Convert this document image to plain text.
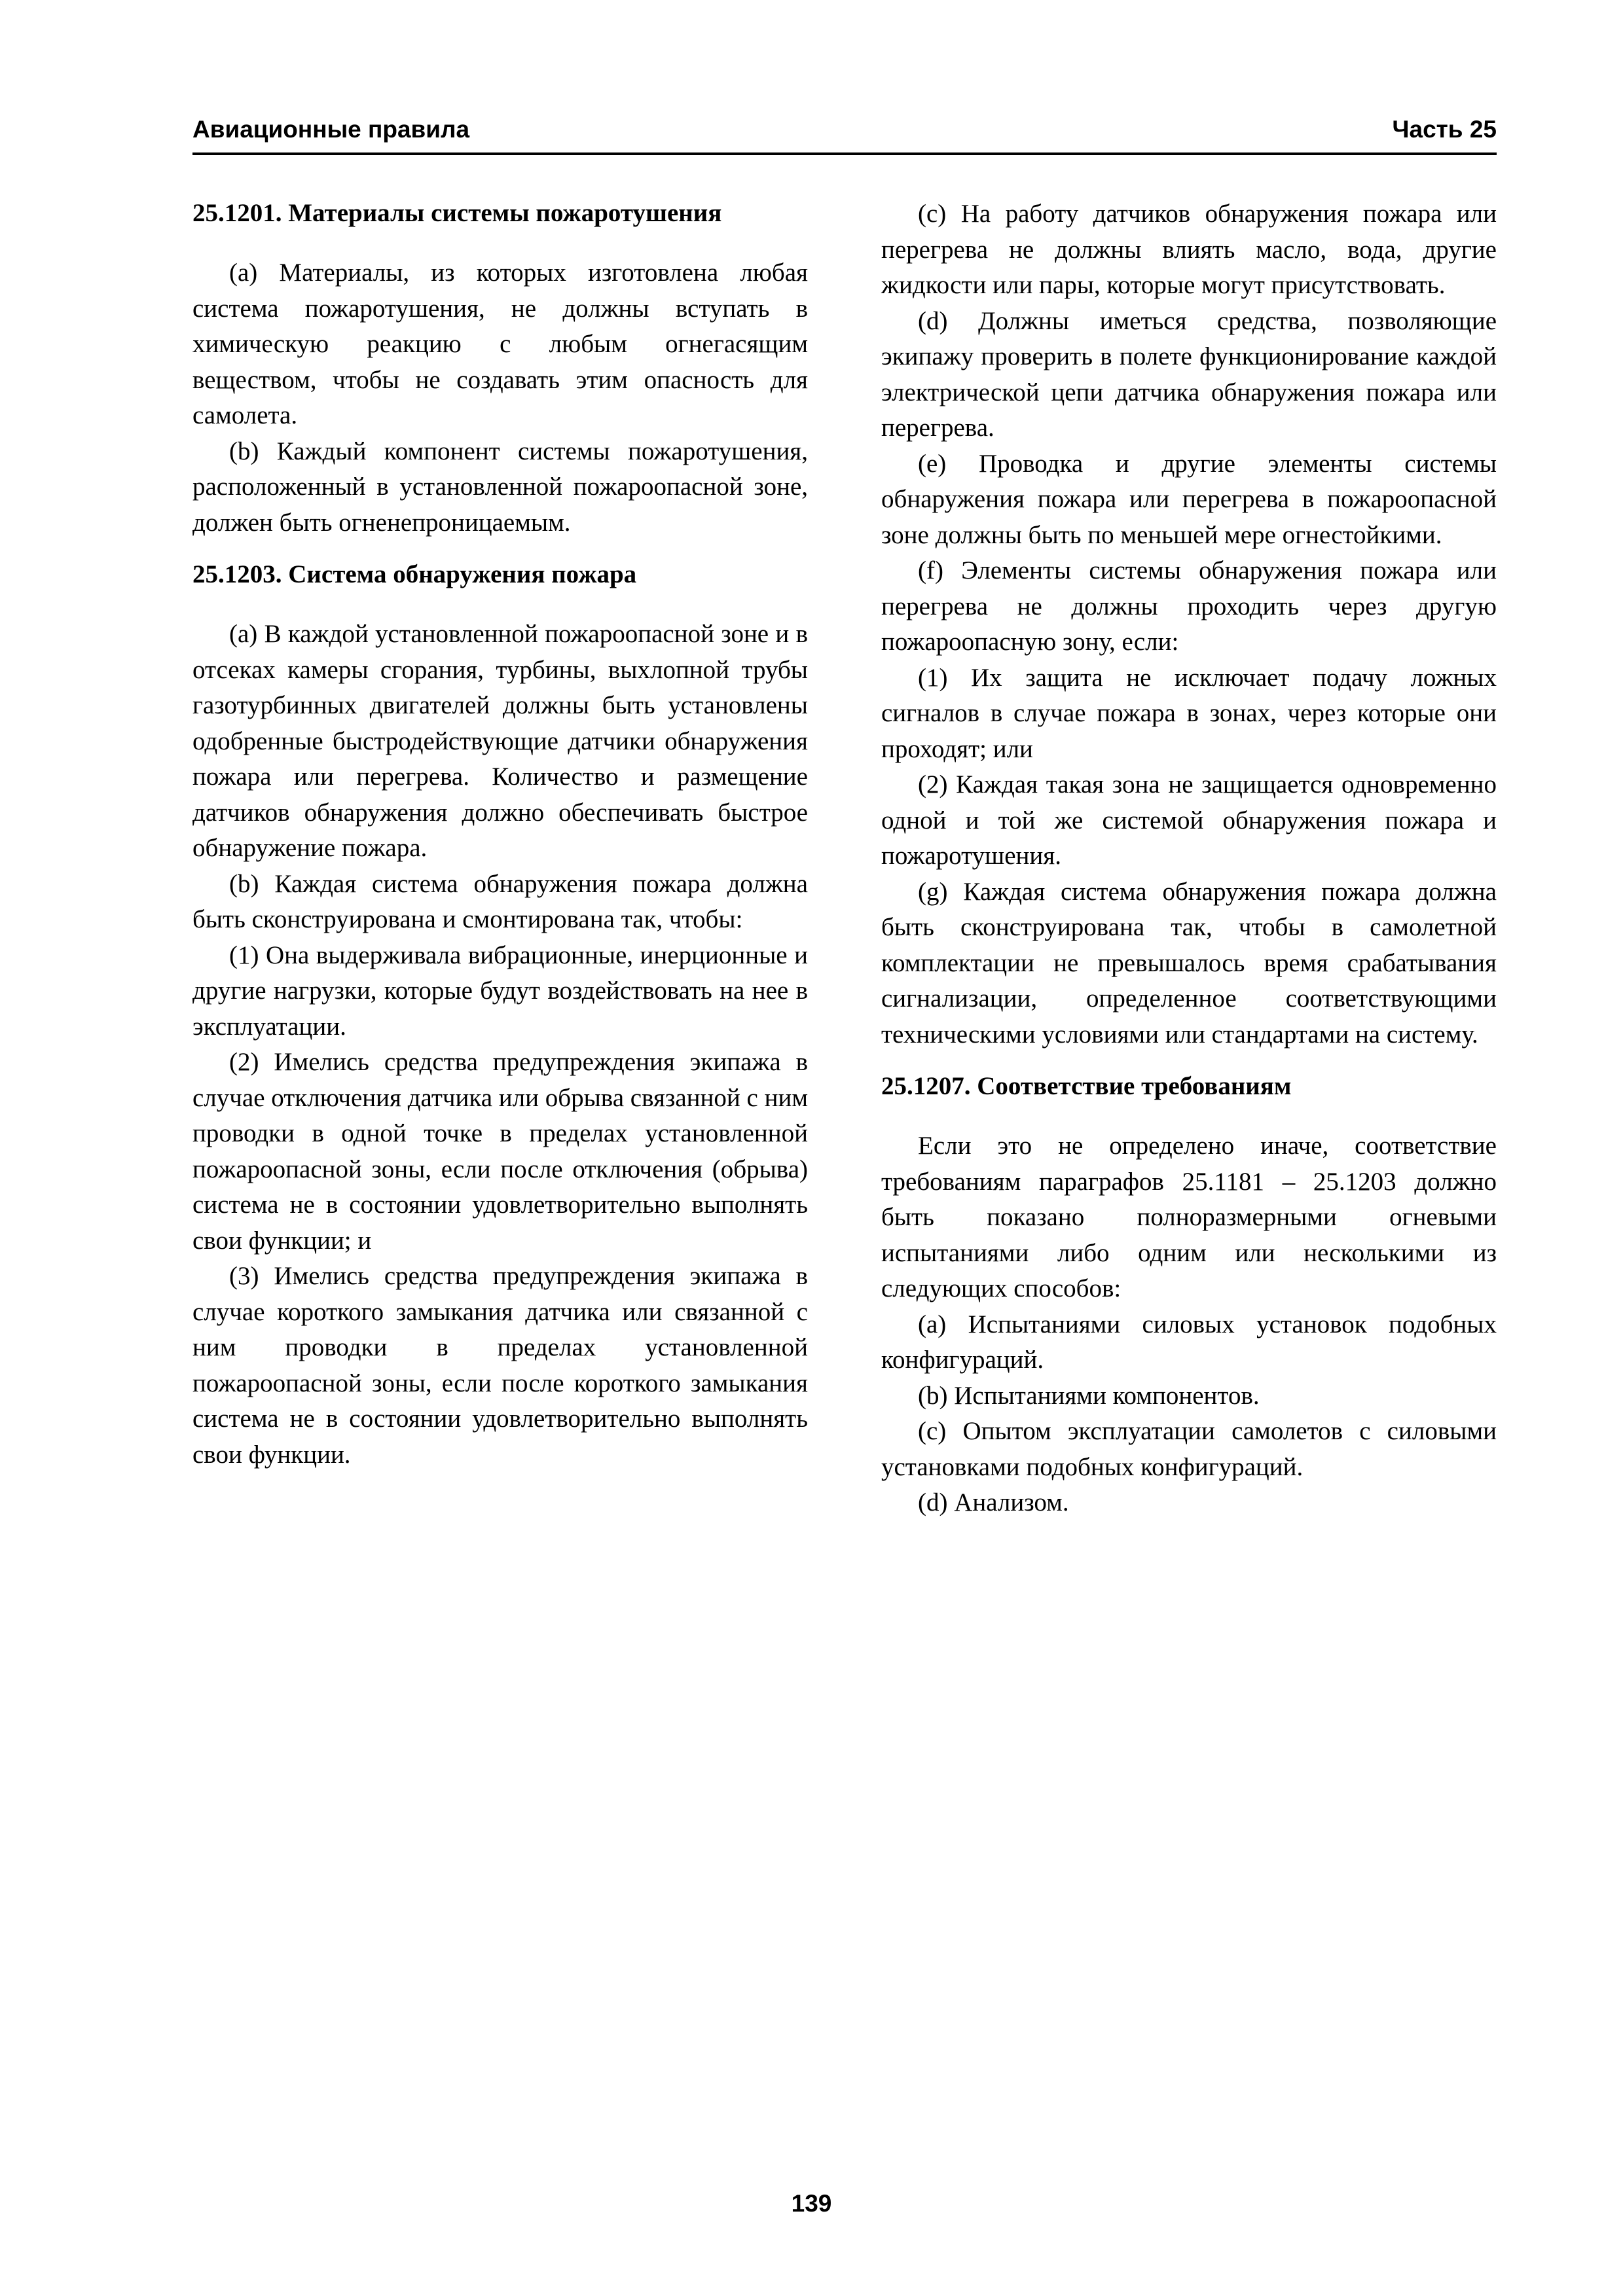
Авиационные правила	Часть 25
25.1201. Материалы системы пожаротушения

(a) Материалы, из которых изготовлена любая система пожаротушения, не должны вступать в химическую реакцию с любым огнегасящим веществом, чтобы не создавать этим опасность для самолета.

(b) Каждый компонент системы пожаротушения, расположенный в установленной пожароопасной зоне, должен быть огненепроницаемым.

25.1203. Система обнаружения пожара

(a) В каждой установленной пожароопасной зоне и в отсеках камеры сгорания, турбины, выхлопной трубы газотурбинных двигателей должны быть установлены одобренные быстродействующие датчики обнаружения пожара или перегрева. Количество и размещение датчиков обнаружения должно обеспечивать быстрое обнаружение пожара.

(b) Каждая система обнаружения пожара должна быть сконструирована и смонтирована так, чтобы:

(1) Она выдерживала вибрационные, инерционные и другие нагрузки, которые будут воздействовать на нее в эксплуатации.

(2) Имелись средства предупреждения экипажа в случае отключения датчика или обрыва связанной с ним проводки в одной точке в пределах установленной пожароопасной зоны, если после отключения (обрыва) система не в состоянии удовлетворительно выполнять свои функции; и

(3) Имелись средства предупреждения экипажа в случае короткого замыкания датчика или связанной с ним проводки в пределах установленной пожароопасной зоны, если после короткого замыкания система не в состоянии удовлетворительно выполнять свои функции.

(c) На работу датчиков обнаружения пожара или перегрева не должны влиять масло, вода, другие жидкости или пары, которые могут присутствовать.

(d) Должны иметься средства, позволяющие экипажу проверить в полете функционирование каждой электрической цепи датчика обнаружения пожара или перегрева.

(e) Проводка и другие элементы системы обнаружения пожара или перегрева в пожароопасной зоне должны быть по меньшей мере огнестойкими.

(f) Элементы системы обнаружения пожара или перегрева не должны проходить через другую пожароопасную зону, если:

(1) Их защита не исключает подачу ложных сигналов в случае пожара в зонах, через которые они проходят; или

(2) Каждая такая зона не защищается одновременно одной и той же системой обнаружения пожара и пожаротушения.

(g) Каждая система обнаружения пожара должна быть сконструирована так, чтобы в самолетной комплектации не превышалось время срабатывания сигнализации, определенное соответствующими техническими условиями или стандартами на систему.

25.1207. Соответствие требованиям

Если это не определено иначе, соответствие требованиям параграфов 25.1181 – 25.1203 должно быть показано полноразмерными огневыми испытаниями либо одним или несколькими из следующих способов:

(a) Испытаниями силовых установок подобных конфигураций.

(b) Испытаниями компонентов.

(c) Опытом эксплуатации самолетов с силовыми установками подобных конфигураций.

(d) Анализом.

139
